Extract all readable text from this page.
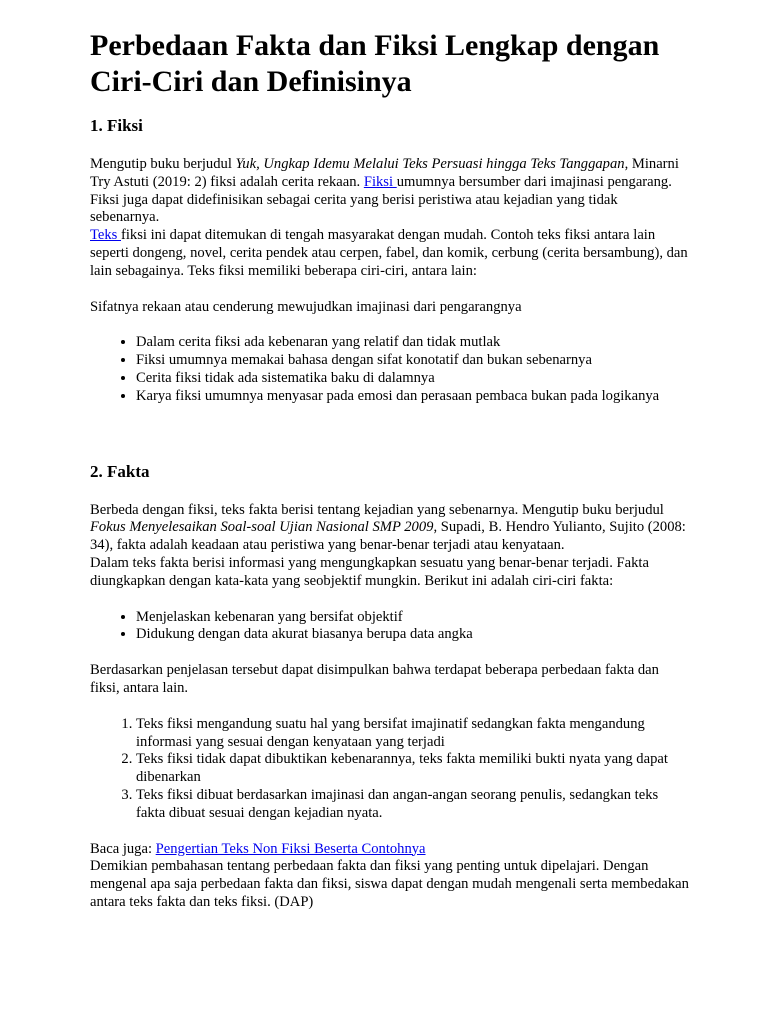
Perbedaan Fakta dan Fiksi Lengkap dengan Ciri-Ciri dan Definisinya
1. Fiksi

Mengutip buku berjudul Yuk, Ungkap Idemu Melalui Teks Persuasi hingga Teks Tanggapan, Minarni Try Astuti (2019: 2) fiksi adalah cerita rekaan. Fiksi umumnya bersumber dari imajinasi pengarang. Fiksi juga dapat didefinisikan sebagai cerita yang berisi peristiwa atau kejadian yang tidak sebenarnya.

Teks fiksi ini dapat ditemukan di tengah masyarakat dengan mudah. Contoh teks fiksi antara lain seperti dongeng, novel, cerita pendek atau cerpen, fabel, dan komik, cerbung (cerita bersambung), dan lain sebagainya. Teks fiksi memiliki beberapa ciri-ciri, antara lain:

Sifatnya rekaan atau cenderung mewujudkan imajinasi dari pengarangnya

• Dalam cerita fiksi ada kebenaran yang relatif dan tidak mutlak
• Fiksi umumnya memakai bahasa dengan sifat konotatif dan bukan sebenarnya
• Cerita fiksi tidak ada sistematika baku di dalamnya
• Karya fiksi umumnya menyasar pada emosi dan perasaan pembaca bukan pada logikanya
2. Fakta

Berbeda dengan fiksi, teks fakta berisi tentang kejadian yang sebenarnya. Mengutip buku berjudul Fokus Menyelesaikan Soal-soal Ujian Nasional SMP 2009, Supadi, B. Hendro Yulianto, Sujito (2008: 34), fakta adalah keadaan atau peristiwa yang benar-benar terjadi atau kenyataan.

Dalam teks fakta berisi informasi yang mengungkapkan sesuatu yang benar-benar terjadi. Fakta diungkapkan dengan kata-kata yang seobjektif mungkin. Berikut ini adalah ciri-ciri fakta:

• Menjelaskan kebenaran yang bersifat objektif
• Didukung dengan data akurat biasanya berupa data angka

Berdasarkan penjelasan tersebut dapat disimpulkan bahwa terdapat beberapa perbedaan fakta dan fiksi, antara lain.

1. Teks fiksi mengandung suatu hal yang bersifat imajinatif sedangkan fakta mengandung informasi yang sesuai dengan kenyataan yang terjadi
2. Teks fiksi tidak dapat dibuktikan kebenarannya, teks fakta memiliki bukti nyata yang dapat dibenarkan
3. Teks fiksi dibuat berdasarkan imajinasi dan angan-angan seorang penulis, sedangkan teks fakta dibuat sesuai dengan kejadian nyata.

Baca juga: Pengertian Teks Non Fiksi Beserta Contohnya

Demikian pembahasan tentang perbedaan fakta dan fiksi yang penting untuk dipelajari. Dengan mengenal apa saja perbedaan fakta dan fiksi, siswa dapat dengan mudah mengenali serta membedakan antara teks fakta dan teks fiksi. (DAP)
